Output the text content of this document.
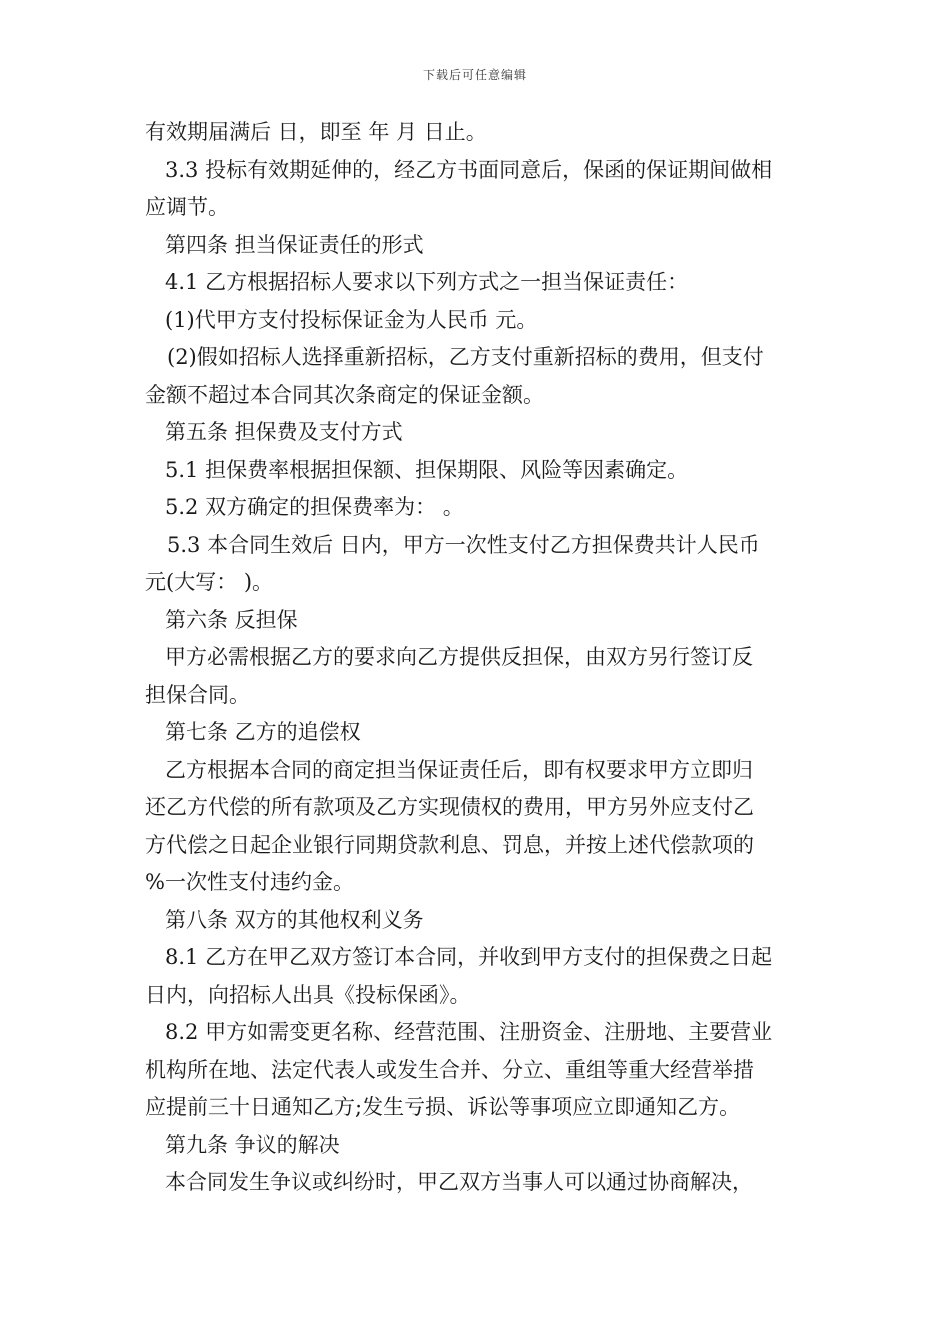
下载后可任意编辑
有效期届满后 日，即至 年 月 日止。
3.3 投标有效期延伸的，经乙方书面同意后，保函的保证期间做相
应调节。
第四条 担当保证责任的形式
4.1 乙方根据招标人要求以下列方式之一担当保证责任：
(1)代甲方支付投标保证金为人民币 元。
(2)假如招标人选择重新招标，乙方支付重新招标的费用，但支付
金额不超过本合同其次条商定的保证金额。
第五条 担保费及支付方式
5.1 担保费率根据担保额、担保期限、风险等因素确定。
5.2 双方确定的担保费率为： 。
5.3 本合同生效后 日内，甲方一次性支付乙方担保费共计人民币
元(大写： )。
第六条 反担保
甲方必需根据乙方的要求向乙方提供反担保，由双方另行签订反
担保合同。
第七条 乙方的追偿权
乙方根据本合同的商定担当保证责任后，即有权要求甲方立即归
还乙方代偿的所有款项及乙方实现债权的费用，甲方另外应支付乙
方代偿之日起企业银行同期贷款利息、罚息，并按上述代偿款项的
%一次性支付违约金。
第八条 双方的其他权利义务
8.1 乙方在甲乙双方签订本合同，并收到甲方支付的担保费之日起
日内，向招标人出具《投标保函》。
8.2 甲方如需变更名称、经营范围、注册资金、注册地、主要营业
机构所在地、法定代表人或发生合并、分立、重组等重大经营举措
应提前三十日通知乙方;发生亏损、诉讼等事项应立即通知乙方。
第九条 争议的解决
本合同发生争议或纠纷时，甲乙双方当事人可以通过协商解决，
